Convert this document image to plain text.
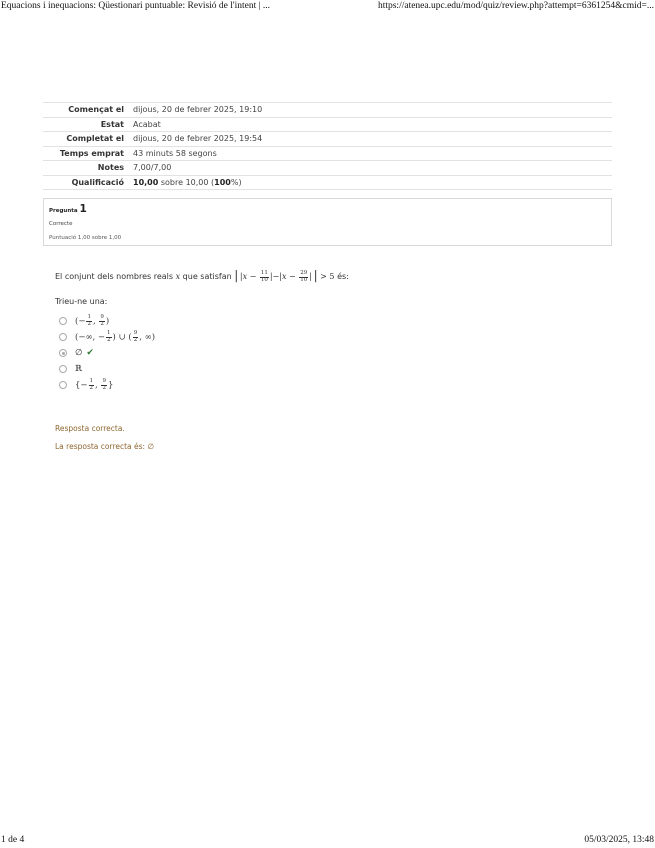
Equacions i inequacions: Qüestionari puntuable: Revisió de l'intent | ...	https://atenea.upc.edu/mod/quiz/review.php?attempt=6361254&cmid=...
Començat el	dijous, 20 de febrer 2025, 19:10
Estat	Acabat
Completat el	dijous, 20 de febrer 2025, 19:54
Temps emprat	43 minuts 58 segons
Notes	7,00/7,00
Qualificació	10,00 sobre 10,00 (100%)
Pregunta 1
Correcte
Puntuació 1,00 sobre 1,00
El conjunt dels nombres reals x que satisfan | $|x - \frac{11}{10} |-|x - \frac{29}{10}$ | | > 5 és:
Trieu-ne una:
(− $\frac{1}{2}$ , $\frac{9}{2}$ )
(−∞, − $\frac{1}{2}$ ) ∪ ( $\frac{9}{2}$ , ∞)
∅ ✔
ℝ
{− $\frac{1}{2}$ , $\frac{9}{2}$ }
Resposta correcta.
La resposta correcta és: ∅
1 de 4	05/03/2025, 13:48
